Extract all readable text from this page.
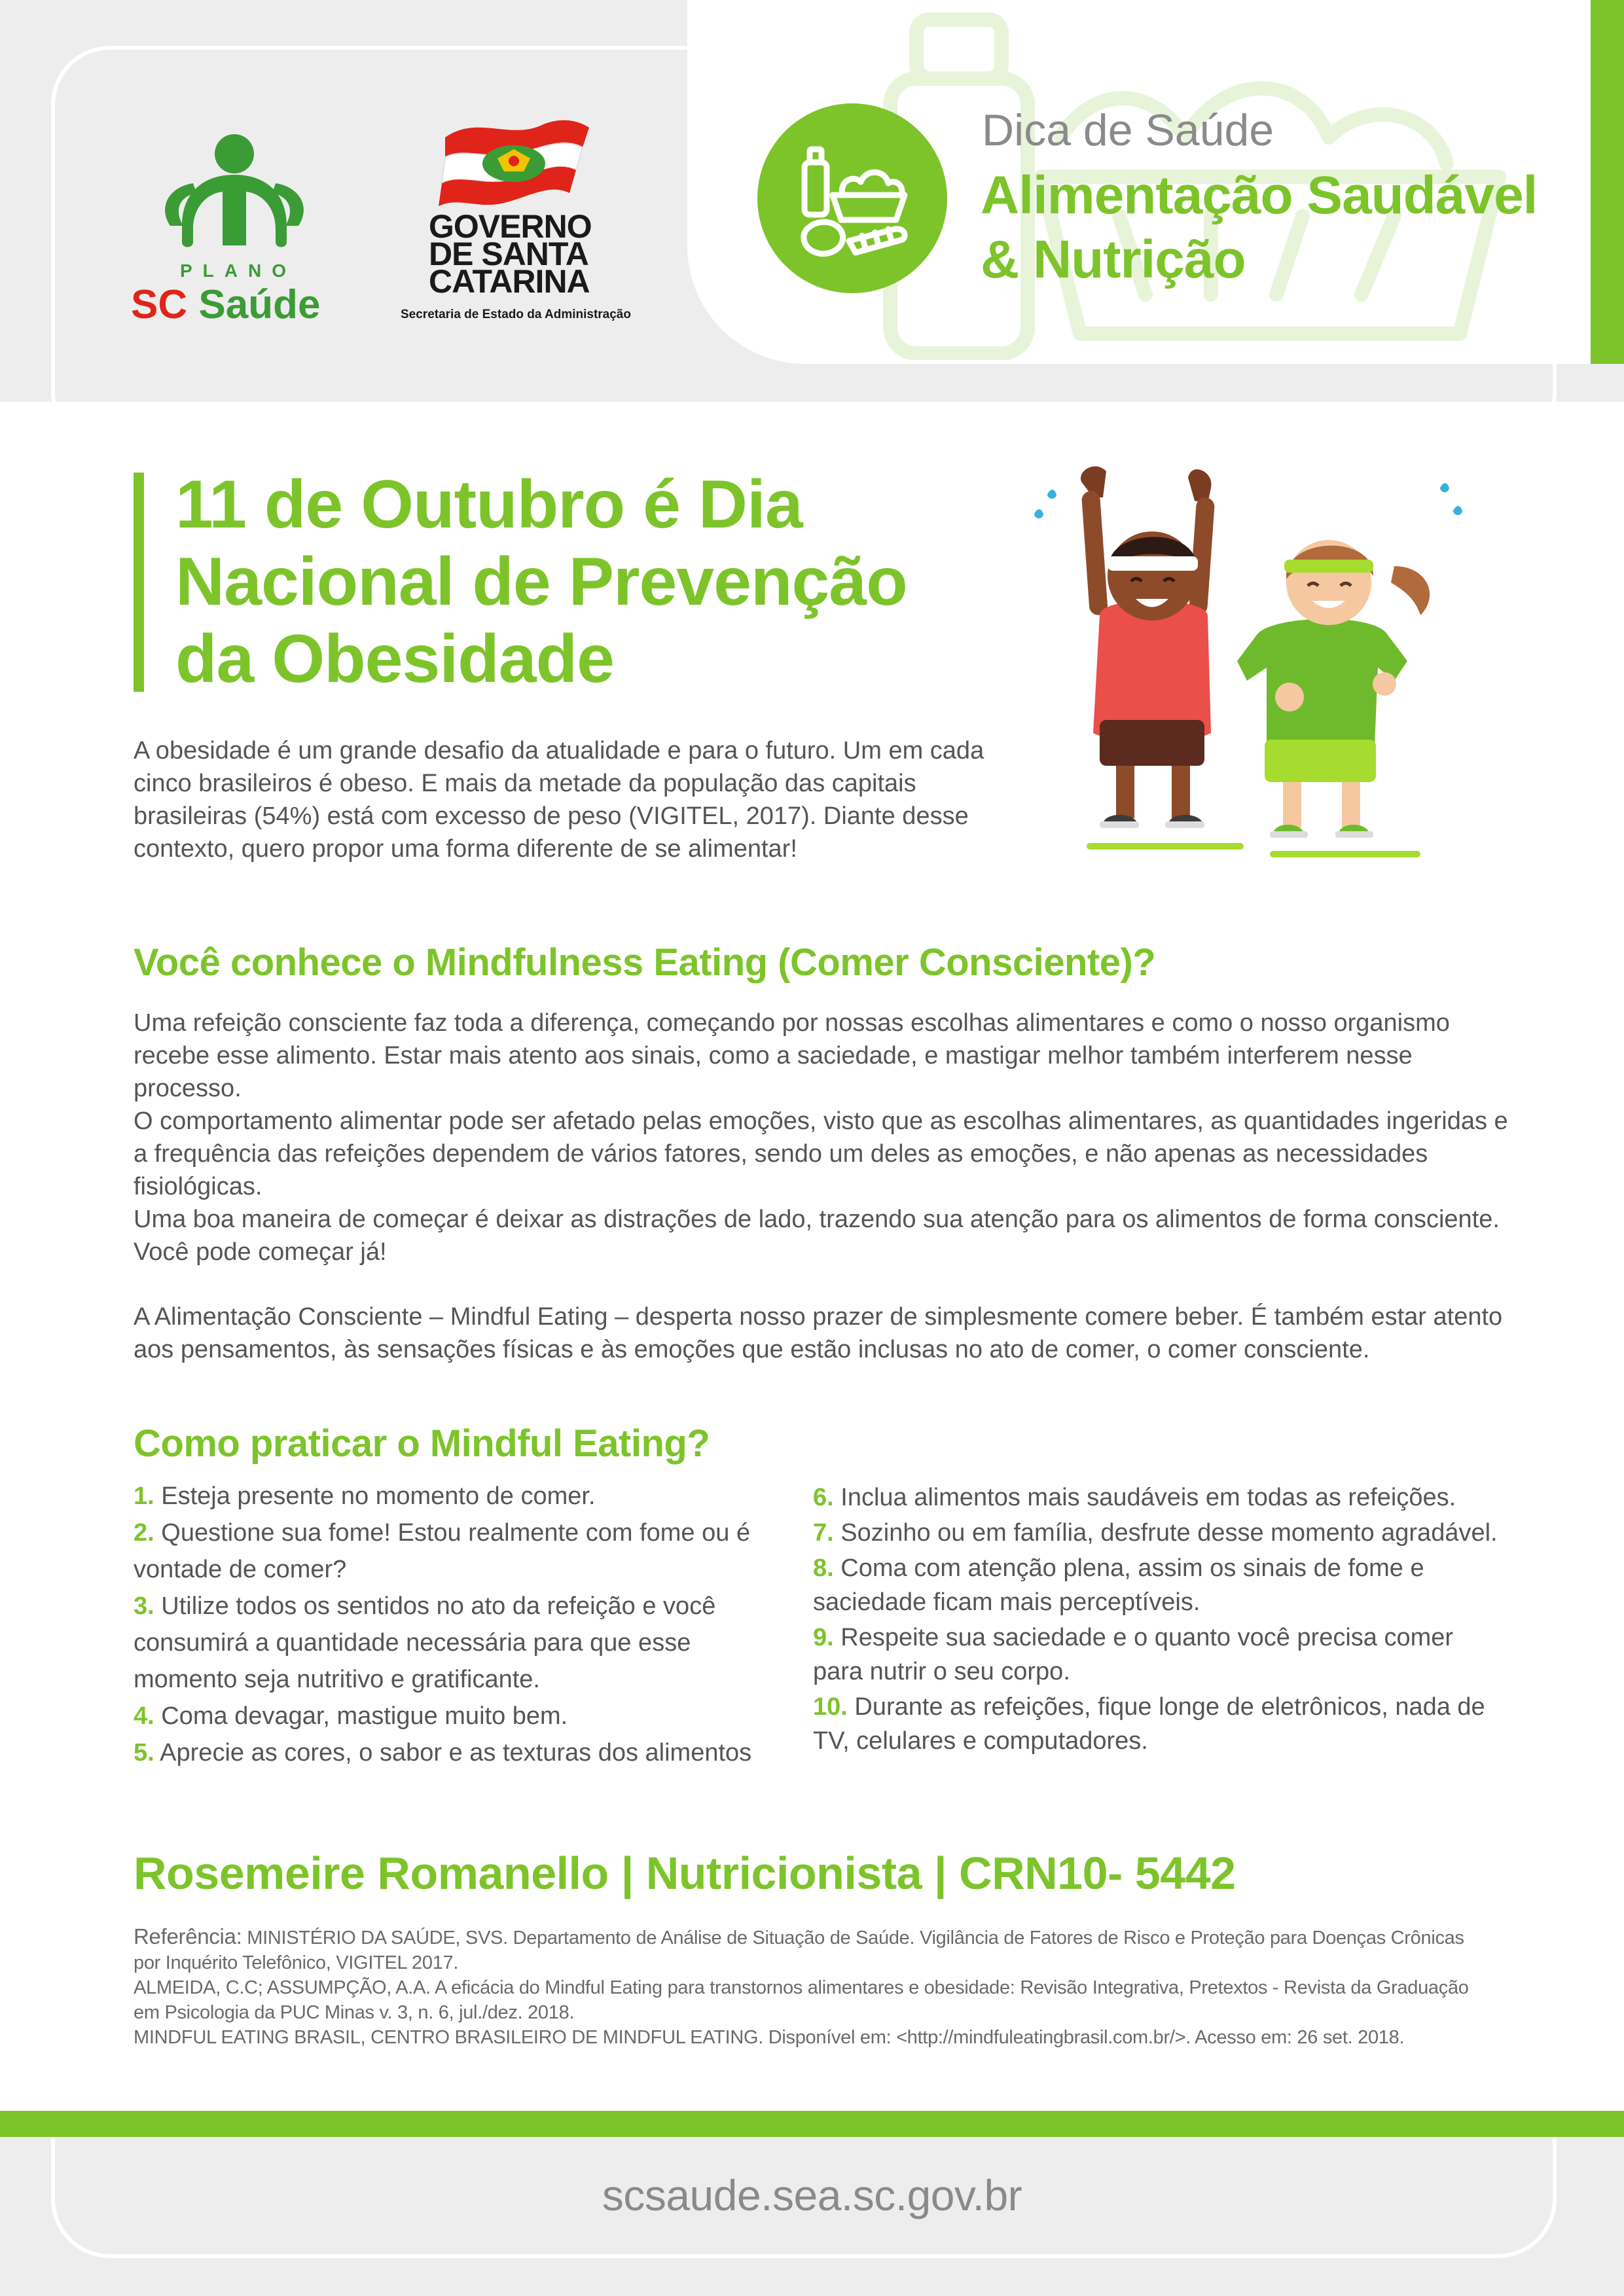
PLANO
SC Saúde
GOVERNO
DE SANTA
CATARINA
Secretaria de Estado da Administração
Dica de Saúde
Alimentação Saudável
& Nutrição
11 de Outubro é Dia
Nacional de Prevenção
da Obesidade
A obesidade é um grande desafio da atualidade e para o futuro. Um em cada cinco brasileiros é obeso. E mais da metade da população das capitais brasileiras (54%) está com excesso de peso (VIGITEL, 2017). Diante desse contexto, quero propor uma forma diferente de se alimentar!
Você conhece o Mindfulness Eating (Comer Consciente)?

Uma refeição consciente faz toda a diferença, começando por nossas escolhas alimentares e como o nosso organismo recebe esse alimento. Estar mais atento aos sinais, como a saciedade, e mastigar melhor também interferem nesse processo.

O comportamento alimentar pode ser afetado pelas emoções, visto que as escolhas alimentares, as quantidades ingeridas e a frequência das refeições dependem de vários fatores, sendo um deles as emoções, e não apenas as necessidades fisiológicas.

Uma boa maneira de começar é deixar as distrações de lado, trazendo sua atenção para os alimentos de forma consciente. Você pode começar já!

A Alimentação Consciente – Mindful Eating – desperta nosso prazer de simplesmente comere beber. É também estar atento aos pensamentos, às sensações físicas e às emoções que estão inclusas no ato de comer, o comer consciente.

Como praticar o Mindful Eating?

1. Esteja presente no momento de comer.

2. Questione sua fome! Estou realmente com fome ou é vontade de comer?

3. Utilize todos os sentidos no ato da refeição e você consumirá a quantidade necessária para que esse momento seja nutritivo e gratificante.

4. Coma devagar, mastigue muito bem.

5. Aprecie as cores, o sabor e as texturas dos alimentos

6. Inclua alimentos mais saudáveis em todas as refeições.

7. Sozinho ou em família, desfrute desse momento agradável.

8. Coma com atenção plena, assim os sinais de fome e saciedade ficam mais perceptíveis.

9. Respeite sua saciedade e o quanto você precisa comer para nutrir o seu corpo.

10. Durante as refeições, fique longe de eletrônicos, nada de TV, celulares e computadores.

Rosemeire Romanello | Nutricionista | CRN10- 5442
Referência: MINISTÉRIO DA SAÚDE, SVS. Departamento de Análise de Situação de Saúde. Vigilância de Fatores de Risco e Proteção para Doenças Crônicas por Inquérito Telefônico, VIGITEL 2017.
ALMEIDA, C.C; ASSUMPÇÃO, A.A. A eficácia do Mindful Eating para transtornos alimentares e obesidade: Revisão Integrativa, Pretextos - Revista da Graduação em Psicologia da PUC Minas v. 3, n. 6, jul./dez. 2018.
MINDFUL EATING BRASIL, CENTRO BRASILEIRO DE MINDFUL EATING. Disponível em: <http://mindfuleatingbrasil.com.br/>. Acesso em: 26 set. 2018.
scsaude.sea.sc.gov.br
